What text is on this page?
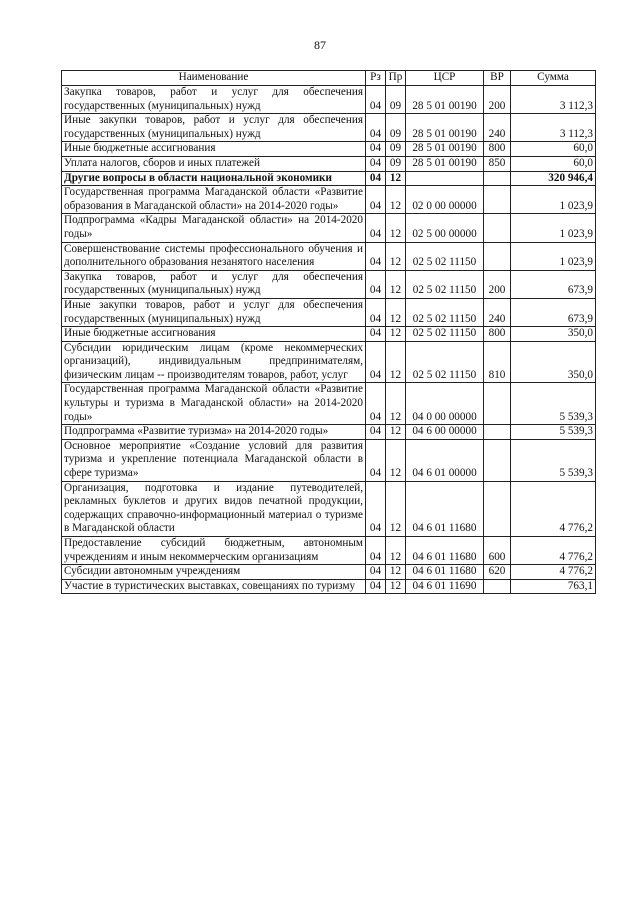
87
Наименование	Рз	Пр	ЦСР	ВР	Сумма
Закупка товаров, работ и услуг для обеспечения государственных (муниципальных) нужд	04	09	28 5 01 00190	200	3 112,3
Иные закупки товаров, работ и услуг для обеспечения государственных (муниципальных) нужд	04	09	28 5 01 00190	240	3 112,3
Иные бюджетные ассигнования	04	09	28 5 01 00190	800	60,0
Уплата налогов, сборов и иных платежей	04	09	28 5 01 00190	850	60,0
Другие вопросы в области национальной экономики	04	12			320 946,4
Государственная программа Магаданской области «Развитие образования в Магаданской области» на 2014-2020 годы»	04	12	02 0 00 00000		1 023,9
Подпрограмма «Кадры Магаданской области» на 2014-2020 годы»	04	12	02 5 00 00000		1 023,9
Совершенствование системы профессионального обучения и дополнительного образования незанятого населения	04	12	02 5 02 11150		1 023,9
Закупка товаров, работ и услуг для обеспечения государственных (муниципальных) нужд	04	12	02 5 02 11150	200	673,9
Иные закупки товаров, работ и услуг для обеспечения государственных (муниципальных) нужд	04	12	02 5 02 11150	240	673,9
Иные бюджетные ассигнования	04	12	02 5 02 11150	800	350,0
Субсидии юридическим лицам (кроме некоммерческих организаций), индивидуальным предпринимателям, физическим лицам -- производителям товаров, работ, услуг	04	12	02 5 02 11150	810	350,0
Государственная программа Магаданской области «Развитие культуры и туризма в Магаданской области» на 2014-2020 годы»	04	12	04 0 00 00000		5 539,3
Подпрограмма «Развитие туризма» на 2014-2020 годы»	04	12	04 6 00 00000		5 539,3
Основное мероприятие «Создание условий для развития туризма и укрепление потенциала Магаданской области в сфере туризма»	04	12	04 6 01 00000		5 539,3
Организация, подготовка и издание путеводителей, рекламных буклетов и других видов печатной продукции, содержащих справочно-информационный материал о туризме в Магаданской области	04	12	04 6 01 11680		4 776,2
Предоставление субсидий бюджетным, автономным учреждениям и иным некоммерческим организациям	04	12	04 6 01 11680	600	4 776,2
Субсидии автономным учреждениям	04	12	04 6 01 11680	620	4 776,2
Участие в туристических выставках, совещаниях по туризму	04	12	04 6 01 11690		763,1
